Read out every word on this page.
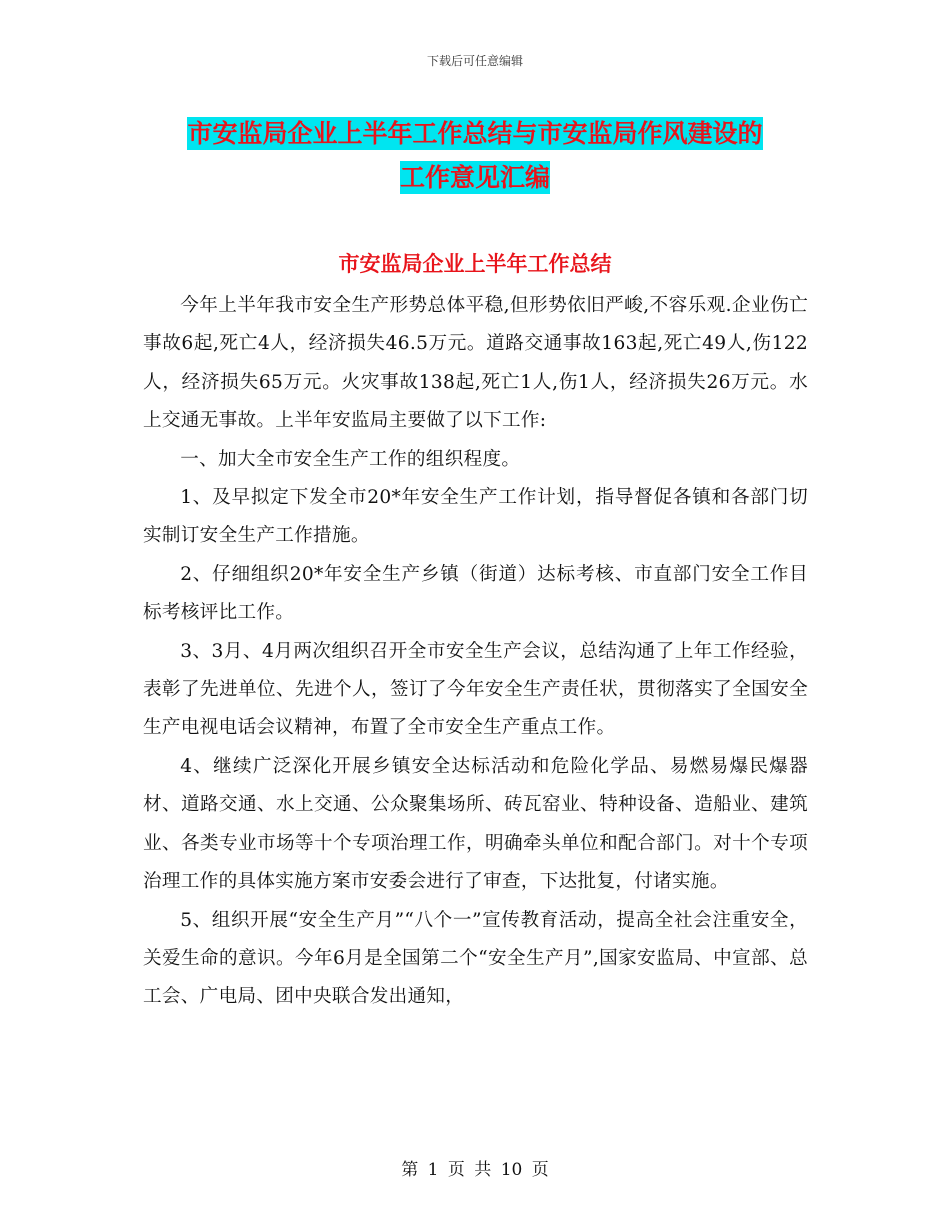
下载后可任意编辑
市安监局企业上半年工作总结与市安监局作风建设的
工作意见汇编
市安监局企业上半年工作总结

今年上半年我市安全生产形势总体平稳,但形势依旧严峻,不容乐观.企业伤亡事故6起,死亡4人，经济损失46.5万元。道路交通事故163起,死亡49人,伤122人，经济损失65万元。火灾事故138起,死亡1人,伤1人，经济损失26万元。水上交通无事故。上半年安监局主要做了以下工作:

一、加大全市安全生产工作的组织程度。

1、及早拟定下发全市20*年安全生产工作计划，指导督促各镇和各部门切实制订安全生产工作措施。

2、仔细组织20*年安全生产乡镇（街道）达标考核、市直部门安全工作目标考核评比工作。

3、3月、4月两次组织召开全市安全生产会议，总结沟通了上年工作经验，表彰了先进单位、先进个人，签订了今年安全生产责任状，贯彻落实了全国安全生产电视电话会议精神，布置了全市安全生产重点工作。

4、继续广泛深化开展乡镇安全达标活动和危险化学品、易燃易爆民爆器材、道路交通、水上交通、公众聚集场所、砖瓦窑业、特种设备、造船业、建筑业、各类专业市场等十个专项治理工作，明确牵头单位和配合部门。对十个专项治理工作的具体实施方案市安委会进行了审查，下达批复，付诸实施。

5、组织开展“安全生产月”“八个一”宣传教育活动，提高全社会注重安全，关爱生命的意识。今年6月是全国第二个“安全生产月”,国家安监局、中宣部、总工会、广电局、团中央联合发出通知，

第 1 页 共 10 页
